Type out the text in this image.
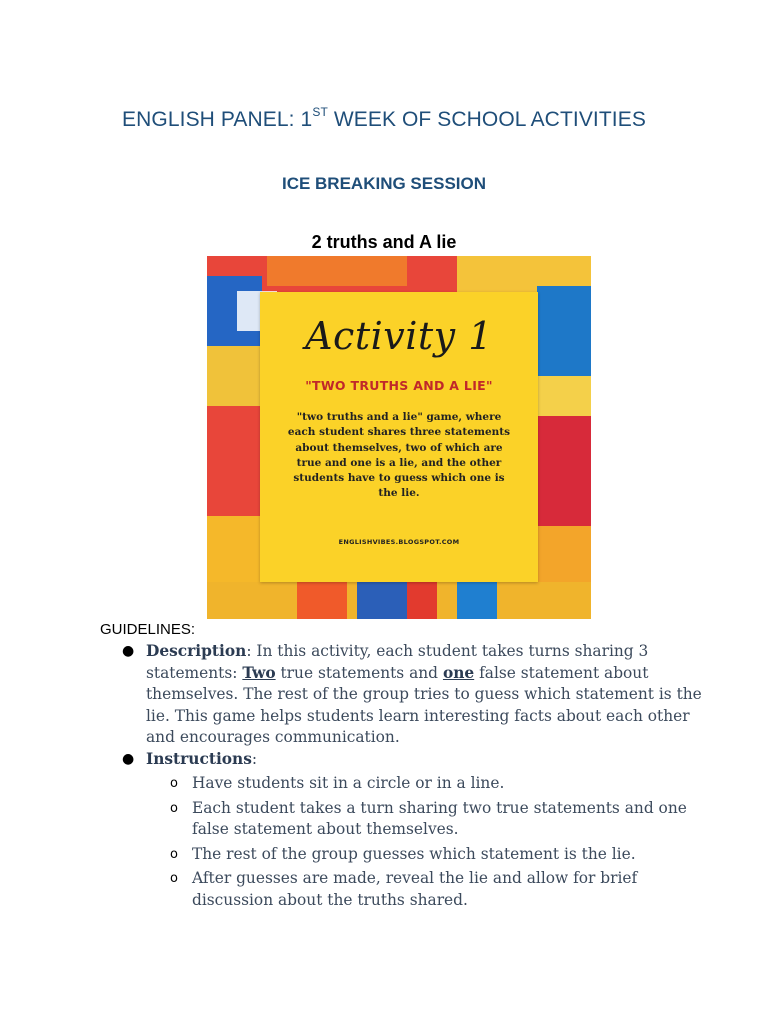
ENGLISH PANEL: 1ST WEEK OF SCHOOL ACTIVITIES
ICE BREAKING SESSION
2 truths and A lie
Activity 1
"TWO TRUTHS AND A LIE"
"two truths and a lie" game, where each student shares three statements about themselves, two of which are true and one is a lie, and the other students have to guess which one is the lie.
ENGLISHVIBES.BLOGSPOT.COM

GUIDELINES:

● Description: In this activity, each student takes turns sharing 3 statements: Two true statements and one false statement about themselves. The rest of the group tries to guess which statement is the lie. This game helps students learn interesting facts about each other and encourages communication.
● Instructions:
o Have students sit in a circle or in a line.
o Each student takes a turn sharing two true statements and one false statement about themselves.
o The rest of the group guesses which statement is the lie.
o After guesses are made, reveal the lie and allow for brief discussion about the truths shared.
